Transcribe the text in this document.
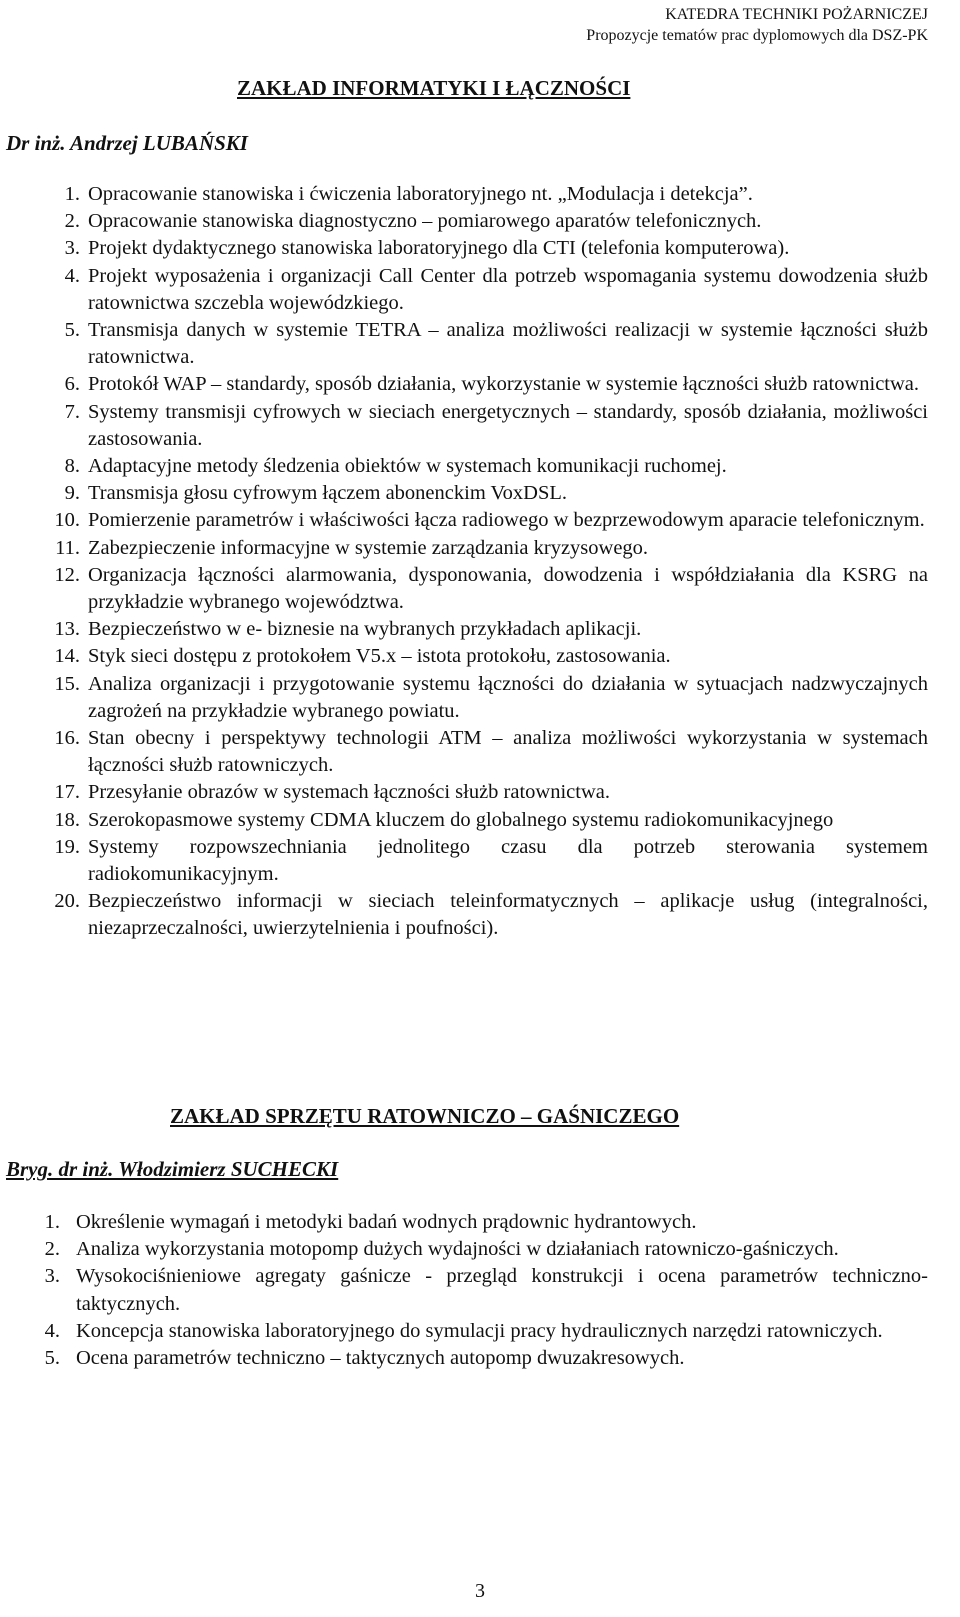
KATEDRA TECHNIKI POŻARNICZEJ
Propozycje tematów prac dyplomowych dla DSZ-PK
ZAKŁAD INFORMATYKI I ŁĄCZNOŚCI
Dr inż. Andrzej LUBAŃSKI
1. Opracowanie stanowiska i ćwiczenia laboratoryjnego nt. „Modulacja i detekcja”.
2. Opracowanie stanowiska diagnostyczno – pomiarowego aparatów telefonicznych.
3. Projekt dydaktycznego stanowiska laboratoryjnego dla CTI (telefonia komputerowa).
4. Projekt wyposażenia i organizacji Call Center dla potrzeb wspomagania systemu dowodzenia służb ratownictwa szczebla wojewódzkiego.
5. Transmisja danych w systemie TETRA – analiza możliwości realizacji w systemie łączności służb ratownictwa.
6. Protokół WAP – standardy, sposób działania, wykorzystanie w systemie łączności służb ratownictwa.
7. Systemy transmisji cyfrowych w sieciach energetycznych – standardy, sposób działania, możliwości zastosowania.
8. Adaptacyjne metody śledzenia obiektów w systemach komunikacji ruchomej.
9. Transmisja głosu cyfrowym łączem abonenckim VoxDSL.
10. Pomierzenie parametrów i właściwości łącza radiowego w bezprzewodowym aparacie telefonicznym.
11. Zabezpieczenie informacyjne w systemie zarządzania kryzysowego.
12. Organizacja łączności alarmowania, dysponowania, dowodzenia i współdziałania dla KSRG na przykładzie wybranego województwa.
13. Bezpieczeństwo w e- biznesie na wybranych przykładach aplikacji.
14. Styk sieci dostępu z protokołem V5.x – istota protokołu, zastosowania.
15. Analiza organizacji i przygotowanie systemu łączności do działania w sytuacjach nadzwyczajnych zagrożeń na przykładzie wybranego powiatu.
16. Stan obecny i perspektywy technologii ATM – analiza możliwości wykorzystania w systemach łączności służb ratowniczych.
17. Przesyłanie obrazów w systemach łączności służb ratownictwa.
18. Szerokopasmowe systemy CDMA kluczem do globalnego systemu radiokomunikacyjnego
19. Systemy rozpowszechniania jednolitego czasu dla potrzeb sterowania systemem radiokomunikacyjnym.
20. Bezpieczeństwo informacji w sieciach teleinformatycznych – aplikacje usług (integralności, niezaprzeczalności, uwierzytelnienia i poufności).
ZAKŁAD SPRZĘTU RATOWNICZO – GAŚNICZEGO
Bryg. dr inż. Włodzimierz SUCHECKI
1. Określenie wymagań i metodyki badań wodnych prądownic hydrantowych.
2. Analiza wykorzystania motopomp dużych wydajności w działaniach ratowniczo-gaśniczych.
3. Wysokociśnieniowe agregaty gaśnicze - przegląd konstrukcji i ocena parametrów techniczno-taktycznych.
4. Koncepcja stanowiska laboratoryjnego do symulacji pracy hydraulicznych narzędzi ratowniczych.
5. Ocena parametrów techniczno – taktycznych autopomp dwuzakresowych.
3
